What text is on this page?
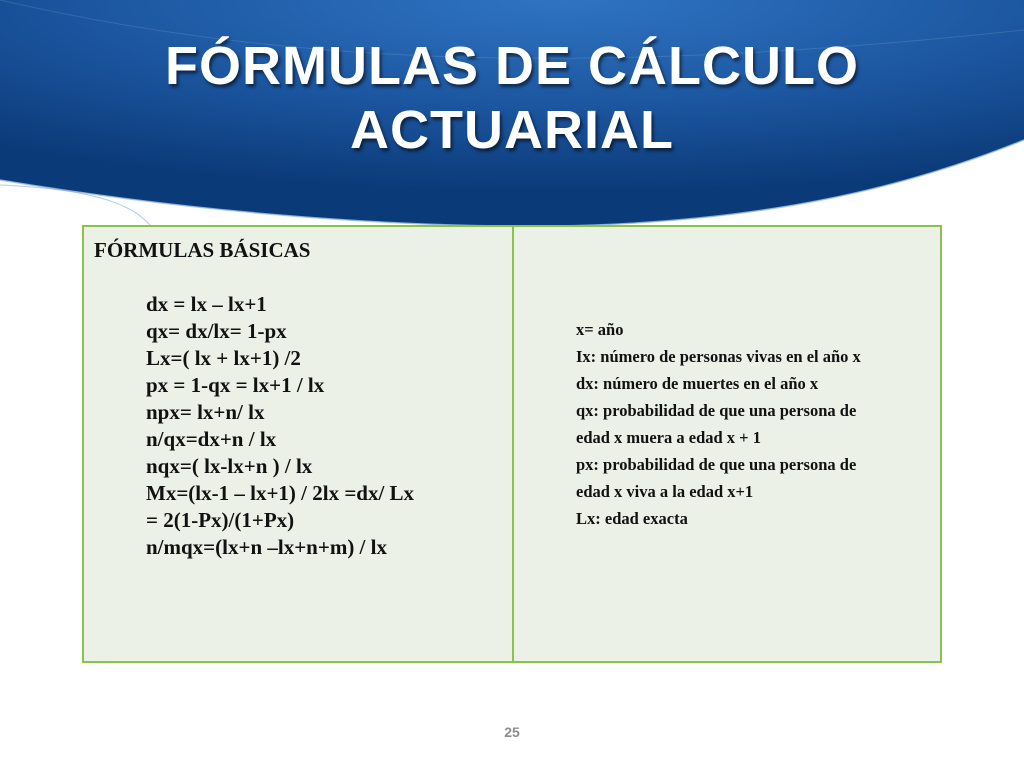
FÓRMULAS DE CÁLCULO
ACTUARIAL
FÓRMULAS BÁSICAS
dx = lx – lx+1
qx= dx/lx= 1-px
Lx=( lx + lx+1) /2
px = 1-qx = lx+1 / lx
npx= lx+n/ lx
n/qx=dx+n / lx
nqx=( lx-lx+n ) / lx
Mx=(lx-1 – lx+1) / 2lx =dx/ Lx
= 2(1-Px)/(1+Px)
n/mqx=(lx+n –lx+n+m) / lx
x= año
Ix: número de personas vivas en el año x
dx: número de muertes en el año x
qx: probabilidad de que una persona de
edad x muera a edad x + 1
px: probabilidad de que una persona de
edad x viva a la edad x+1
Lx: edad exacta
25
